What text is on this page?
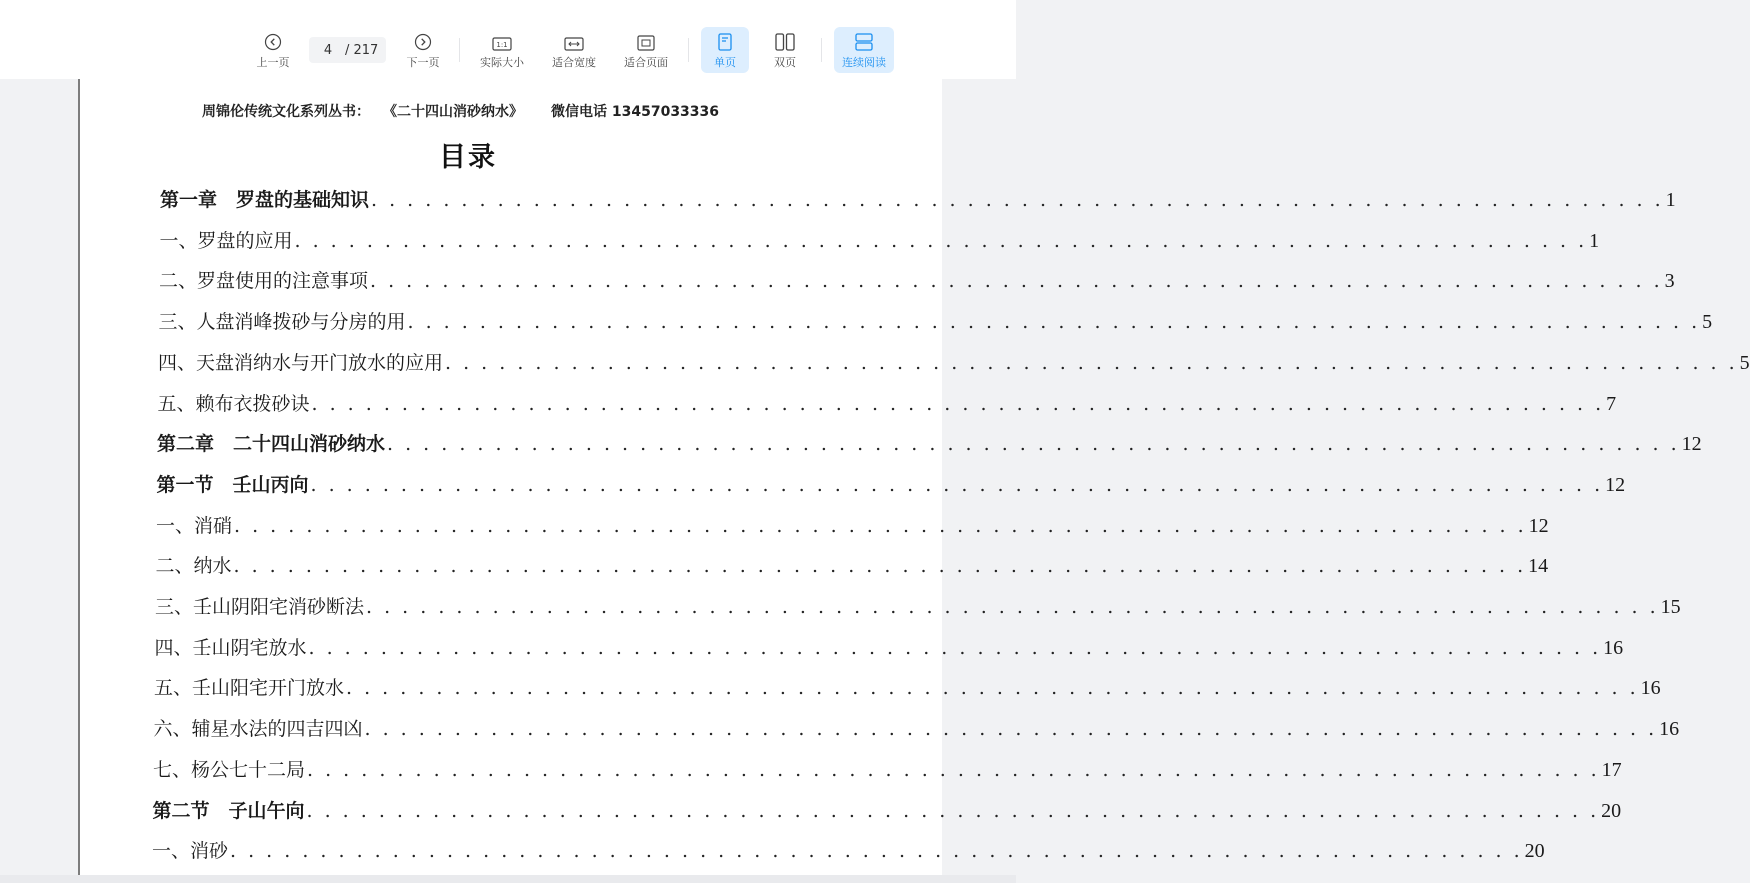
上一页
4
/ 217
下一页
1:1
实际大小	适合宽度	适合页面	单页	双页	连续阅读
周锦伦传统文化系列丛书： 《二十四山消砂纳水》 微信电话 13457033336
目录
第一章　罗盘的基础知识 . . . . . . . . . . . . . . . . . . . . . . . . . . . . . . . . . . . . . . . . . . . . . . . . . . . . . . . . . . . . . . . . . . . . . . . . 1
一、罗盘的应用 . . . . . . . . . . . . . . . . . . . . . . . . . . . . . . . . . . . . . . . . . . . . . . . . . . . . . . . . . . . . . . . . . . . . . . . . 1
二、罗盘使用的注意事项 . . . . . . . . . . . . . . . . . . . . . . . . . . . . . . . . . . . . . . . . . . . . . . . . . . . . . . . . . . . . . . . . . . . . . . . . 3
三、人盘消峰拨砂与分房的用 . . . . . . . . . . . . . . . . . . . . . . . . . . . . . . . . . . . . . . . . . . . . . . . . . . . . . . . . . . . . . . . . . . . . . . . . 5
四、天盘消纳水与开门放水的应用 . . . . . . . . . . . . . . . . . . . . . . . . . . . . . . . . . . . . . . . . . . . . . . . . . . . . . . . . . . . . . . . . . . . . . . . . 5
五、赖布衣拨砂诀 . . . . . . . . . . . . . . . . . . . . . . . . . . . . . . . . . . . . . . . . . . . . . . . . . . . . . . . . . . . . . . . . . . . . . . . . 7
第二章　二十四山消砂纳水 . . . . . . . . . . . . . . . . . . . . . . . . . . . . . . . . . . . . . . . . . . . . . . . . . . . . . . . . . . . . . . . . . . . . . . . . 12
第一节　壬山丙向 . . . . . . . . . . . . . . . . . . . . . . . . . . . . . . . . . . . . . . . . . . . . . . . . . . . . . . . . . . . . . . . . . . . . . . . . 12
一、消硝 . . . . . . . . . . . . . . . . . . . . . . . . . . . . . . . . . . . . . . . . . . . . . . . . . . . . . . . . . . . . . . . . . . . . . . . . 12
二、纳水 . . . . . . . . . . . . . . . . . . . . . . . . . . . . . . . . . . . . . . . . . . . . . . . . . . . . . . . . . . . . . . . . . . . . . . . . 14
三、壬山阴阳宅消砂断法 . . . . . . . . . . . . . . . . . . . . . . . . . . . . . . . . . . . . . . . . . . . . . . . . . . . . . . . . . . . . . . . . . . . . . . . . 15
四、壬山阴宅放水 . . . . . . . . . . . . . . . . . . . . . . . . . . . . . . . . . . . . . . . . . . . . . . . . . . . . . . . . . . . . . . . . . . . . . . . . 16
五、壬山阳宅开门放水 . . . . . . . . . . . . . . . . . . . . . . . . . . . . . . . . . . . . . . . . . . . . . . . . . . . . . . . . . . . . . . . . . . . . . . . . 16
六、辅星水法的四吉四凶 . . . . . . . . . . . . . . . . . . . . . . . . . . . . . . . . . . . . . . . . . . . . . . . . . . . . . . . . . . . . . . . . . . . . . . . . 16
七、杨公七十二局 . . . . . . . . . . . . . . . . . . . . . . . . . . . . . . . . . . . . . . . . . . . . . . . . . . . . . . . . . . . . . . . . . . . . . . . . 17
第二节　子山午向 . . . . . . . . . . . . . . . . . . . . . . . . . . . . . . . . . . . . . . . . . . . . . . . . . . . . . . . . . . . . . . . . . . . . . . . . 20
一、消砂 . . . . . . . . . . . . . . . . . . . . . . . . . . . . . . . . . . . . . . . . . . . . . . . . . . . . . . . . . . . . . . . . . . . . . . . . 20
